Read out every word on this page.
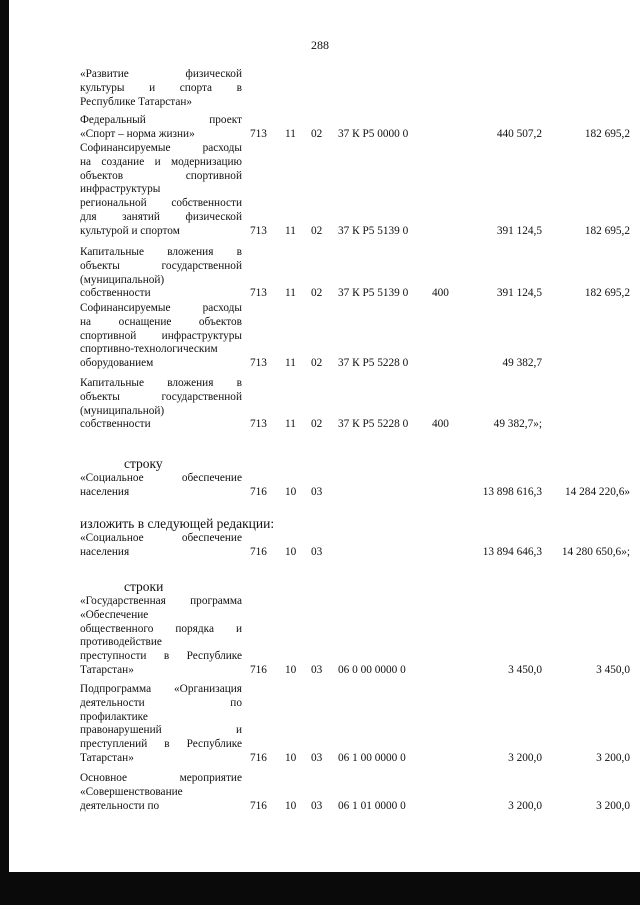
288
«Развитие физической
культуры и спорта в
Республике Татарстан»
Федеральный проект
«Спорт – норма жизни»	713 11 02 37 К P5 0000 0	440 507,2	182 695,2
Софинансируемые расходы
на создание и модернизацию
объектов спортивной
инфраструктуры
региональной собственности
для занятий физической
культурой и спортом	713 11 02 37 К P5 5139 0	391 124,5	182 695,2
Капитальные вложения в
объекты государственной
(муниципальной)
собственности	713 11 02 37 К P5 5139 0 400	391 124,5	182 695,2
Софинансируемые расходы
на оснащение объектов
спортивной инфраструктуры
спортивно-технологическим
оборудованием	713 11 02 37 К P5 5228 0	49 382,7
Капитальные вложения в
объекты государственной
(муниципальной)
собственности	713 11 02 37 К P5 5228 0 400	49 382,7»;
строку
«Социальное обеспечение
населения	716 10 03	13 898 616,3 14 284 220,6»
изложить в следующей редакции:
«Социальное обеспечение
населения	716 10 03	13 894 646,3 14 280 650,6»;
строки
«Государственная программа
«Обеспечение
общественного порядка и
противодействие
преступности в Республике
Татарстан»	716 10 03 06 0 00 0000 0	3 450,0	3 450,0
Подпрограмма «Организация
деятельности по
профилактике
правонарушений и
преступлений в Республике
Татарстан»	716 10 03 06 1 00 0000 0	3 200,0	3 200,0
Основное мероприятие
«Совершенствование
деятельности по	716 10 03 06 1 01 0000 0	3 200,0	3 200,0
